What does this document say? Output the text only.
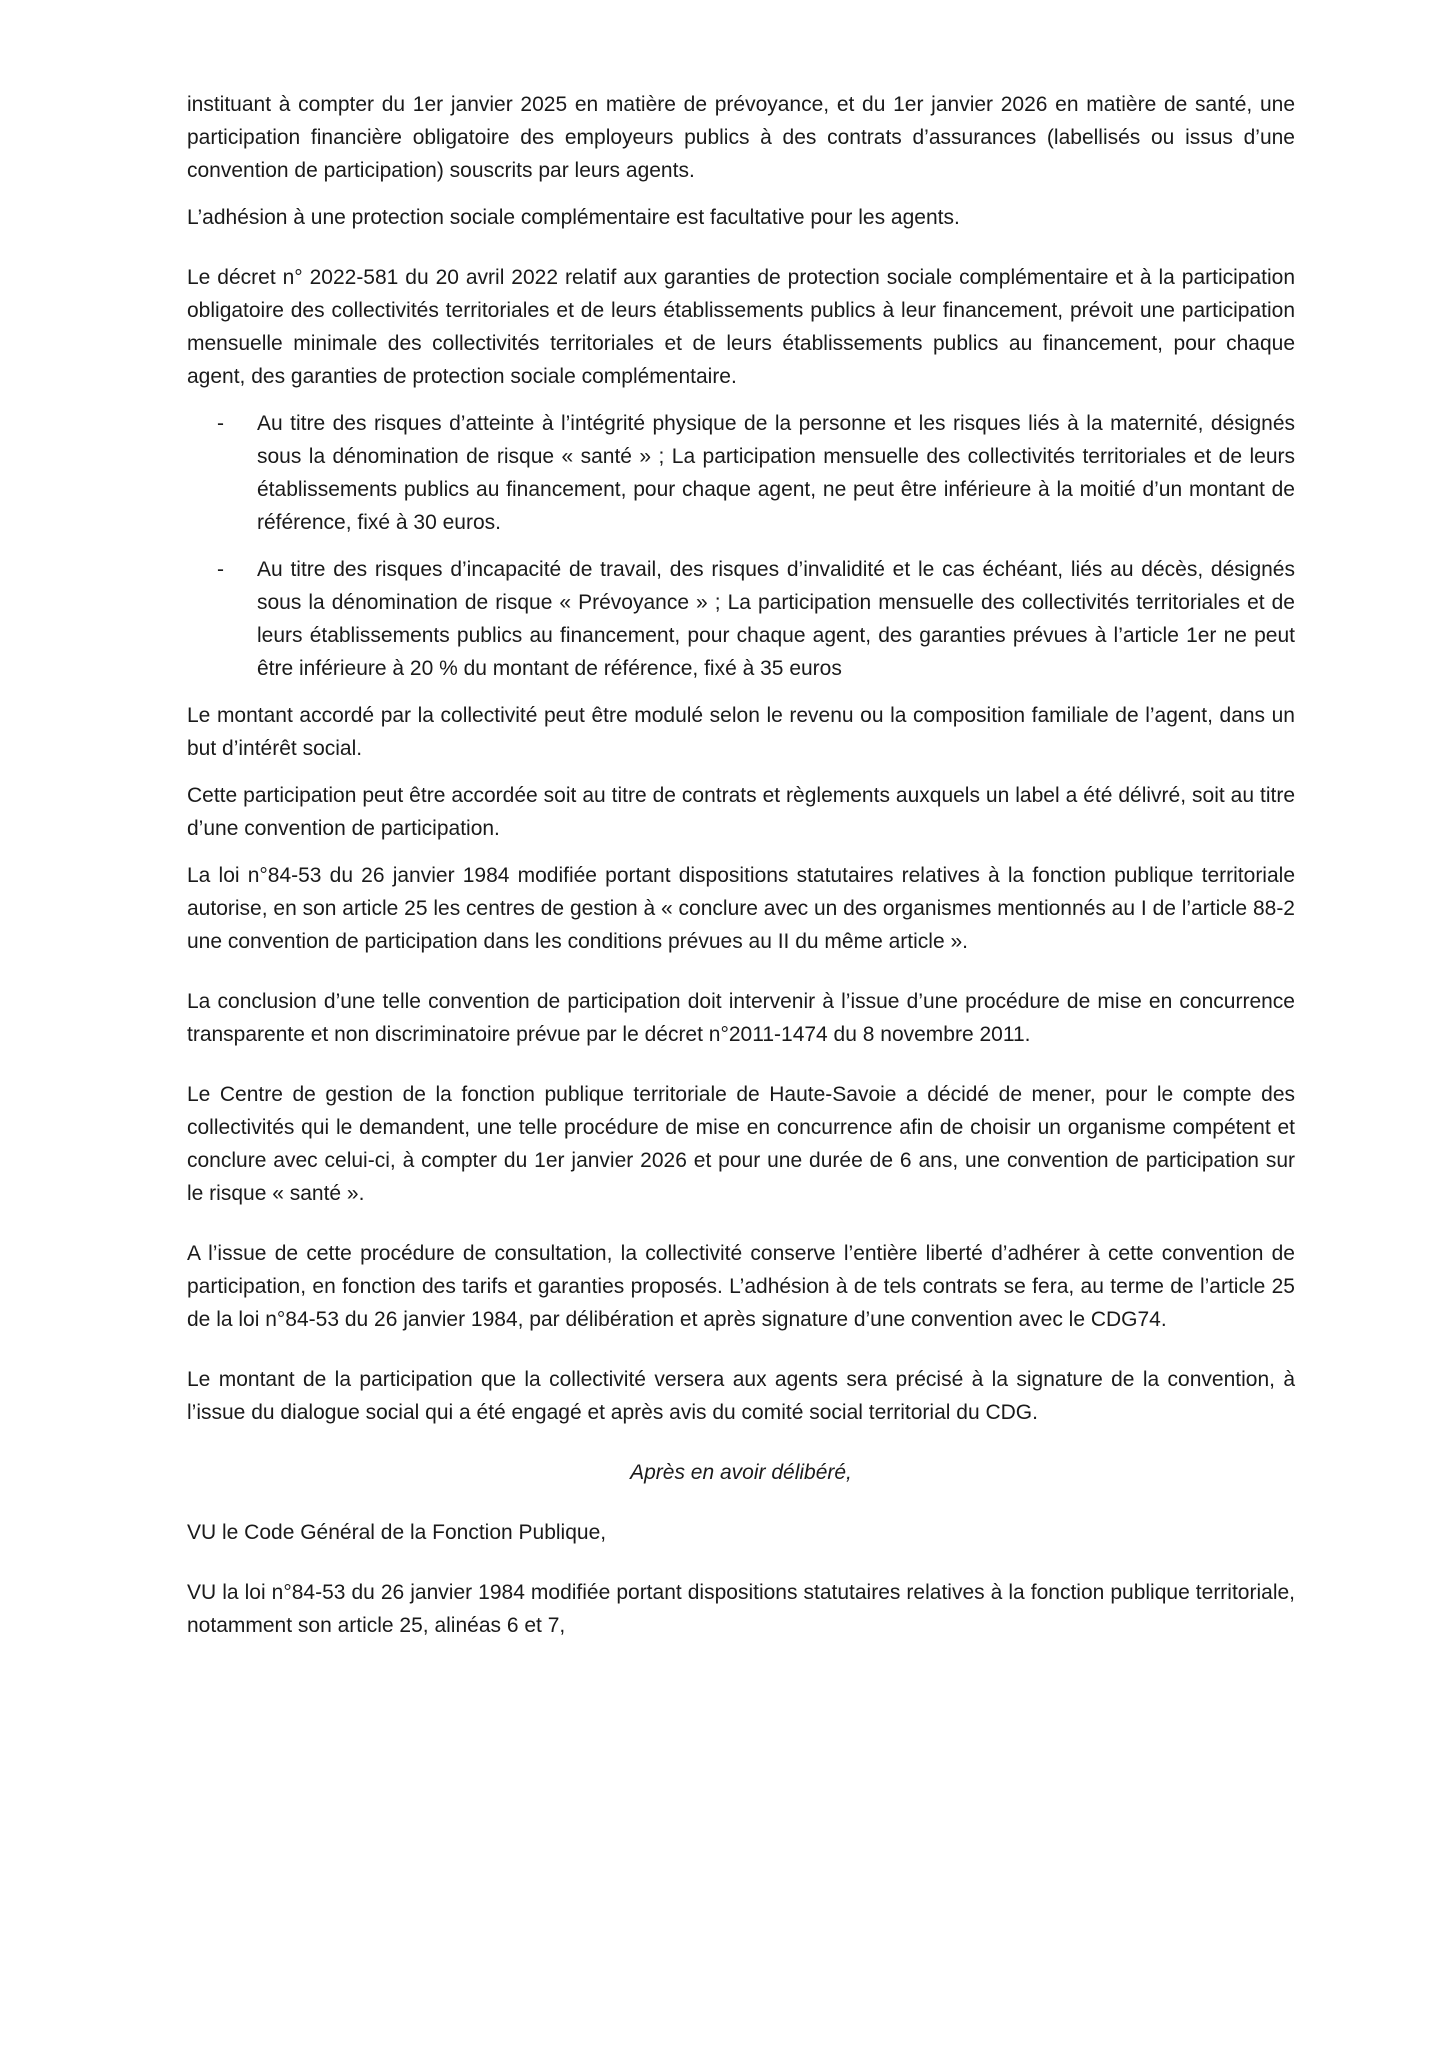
instituant à compter du 1er janvier 2025 en matière de prévoyance, et du 1er janvier 2026 en matière de santé, une participation financière obligatoire des employeurs publics à des contrats d’assurances (labellisés ou issus d’une convention de participation) souscrits par leurs agents.

L’adhésion à une protection sociale complémentaire est facultative pour les agents.

Le décret n° 2022-581 du 20 avril 2022 relatif aux garanties de protection sociale complémentaire et à la participation obligatoire des collectivités territoriales et de leurs établissements publics à leur financement, prévoit une participation mensuelle minimale des collectivités territoriales et de leurs établissements publics au financement, pour chaque agent, des garanties de protection sociale complémentaire.

- Au titre des risques d’atteinte à l’intégrité physique de la personne et les risques liés à la maternité, désignés sous la dénomination de risque « santé » ; La participation mensuelle des collectivités territoriales et de leurs établissements publics au financement, pour chaque agent, ne peut être inférieure à la moitié d’un montant de référence, fixé à 30 euros.

- Au titre des risques d’incapacité de travail, des risques d’invalidité et le cas échéant, liés au décès, désignés sous la dénomination de risque « Prévoyance » ; La participation mensuelle des collectivités territoriales et de leurs établissements publics au financement, pour chaque agent, des garanties prévues à l’article 1er ne peut être inférieure à 20 % du montant de référence, fixé à 35 euros

Le montant accordé par la collectivité peut être modulé selon le revenu ou la composition familiale de l’agent, dans un but d’intérêt social.

Cette participation peut être accordée soit au titre de contrats et règlements auxquels un label a été délivré, soit au titre d’une convention de participation.

La loi n°84-53 du 26 janvier 1984 modifiée portant dispositions statutaires relatives à la fonction publique territoriale autorise, en son article 25 les centres de gestion à « conclure avec un des organismes mentionnés au I de l’article 88-2 une convention de participation dans les conditions prévues au II du même article ».

La conclusion d’une telle convention de participation doit intervenir à l’issue d’une procédure de mise en concurrence transparente et non discriminatoire prévue par le décret n°2011-1474 du 8 novembre 2011.

Le Centre de gestion de la fonction publique territoriale de Haute-Savoie a décidé de mener, pour le compte des collectivités qui le demandent, une telle procédure de mise en concurrence afin de choisir un organisme compétent et conclure avec celui-ci, à compter du 1er janvier 2026 et pour une durée de 6 ans, une convention de participation sur le risque « santé ».

A l’issue de cette procédure de consultation, la collectivité conserve l’entière liberté d’adhérer à cette convention de participation, en fonction des tarifs et garanties proposés. L’adhésion à de tels contrats se fera, au terme de l’article 25 de la loi n°84-53 du 26 janvier 1984, par délibération et après signature d’une convention avec le CDG74.

Le montant de la participation que la collectivité versera aux agents sera précisé à la signature de la convention, à l’issue du dialogue social qui a été engagé et après avis du comité social territorial du CDG.

Après en avoir délibéré,

VU le Code Général de la Fonction Publique,

VU la loi n°84-53 du 26 janvier 1984 modifiée portant dispositions statutaires relatives à la fonction publique territoriale, notamment son article 25, alinéas 6 et 7,
